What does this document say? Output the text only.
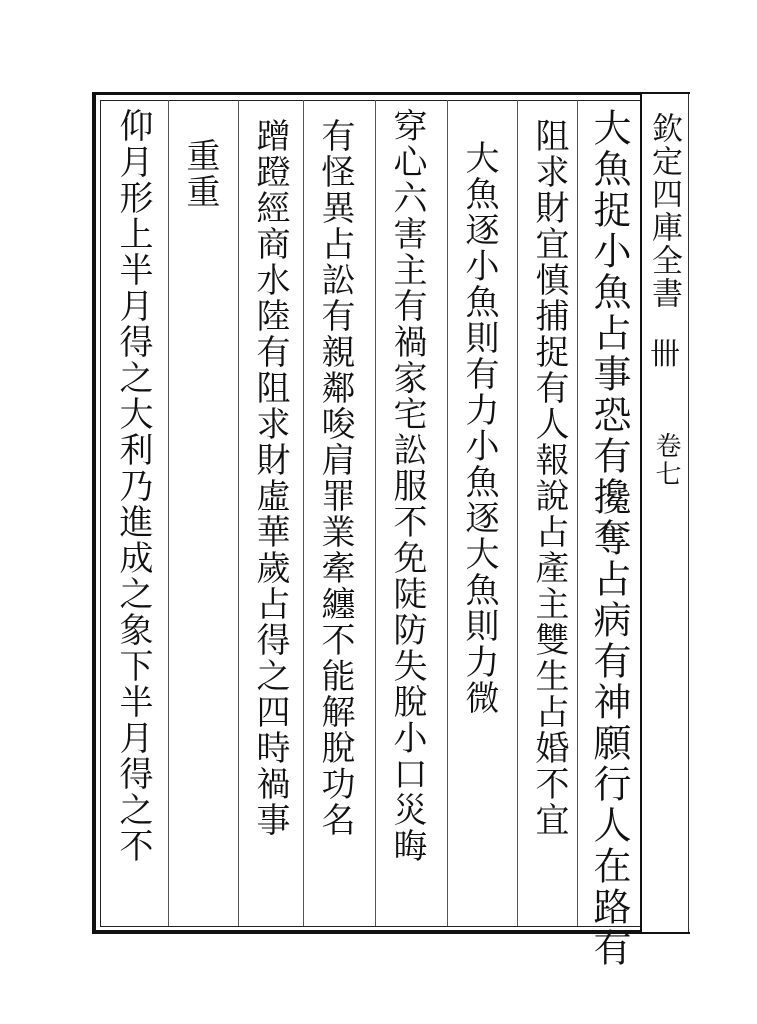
欽定四庫全書
卌
卷七
大魚捉小魚占事恐有攙奪占病有神願行人在路有
阻求財宜慎捕捉有人報說占產主雙生占婚不宜
大魚逐小魚則有力小魚逐大魚則力微
穿心六害主有禍家宅訟服不免陡防失脫小口災晦
有怪異占訟有親鄰唆肩罪業牽纏不能解脫功名
蹭蹬經商水陸有阻求財虛華歲占得之四時禍事
重重
仰月形上半月得之大利乃進成之象下半月得之不
